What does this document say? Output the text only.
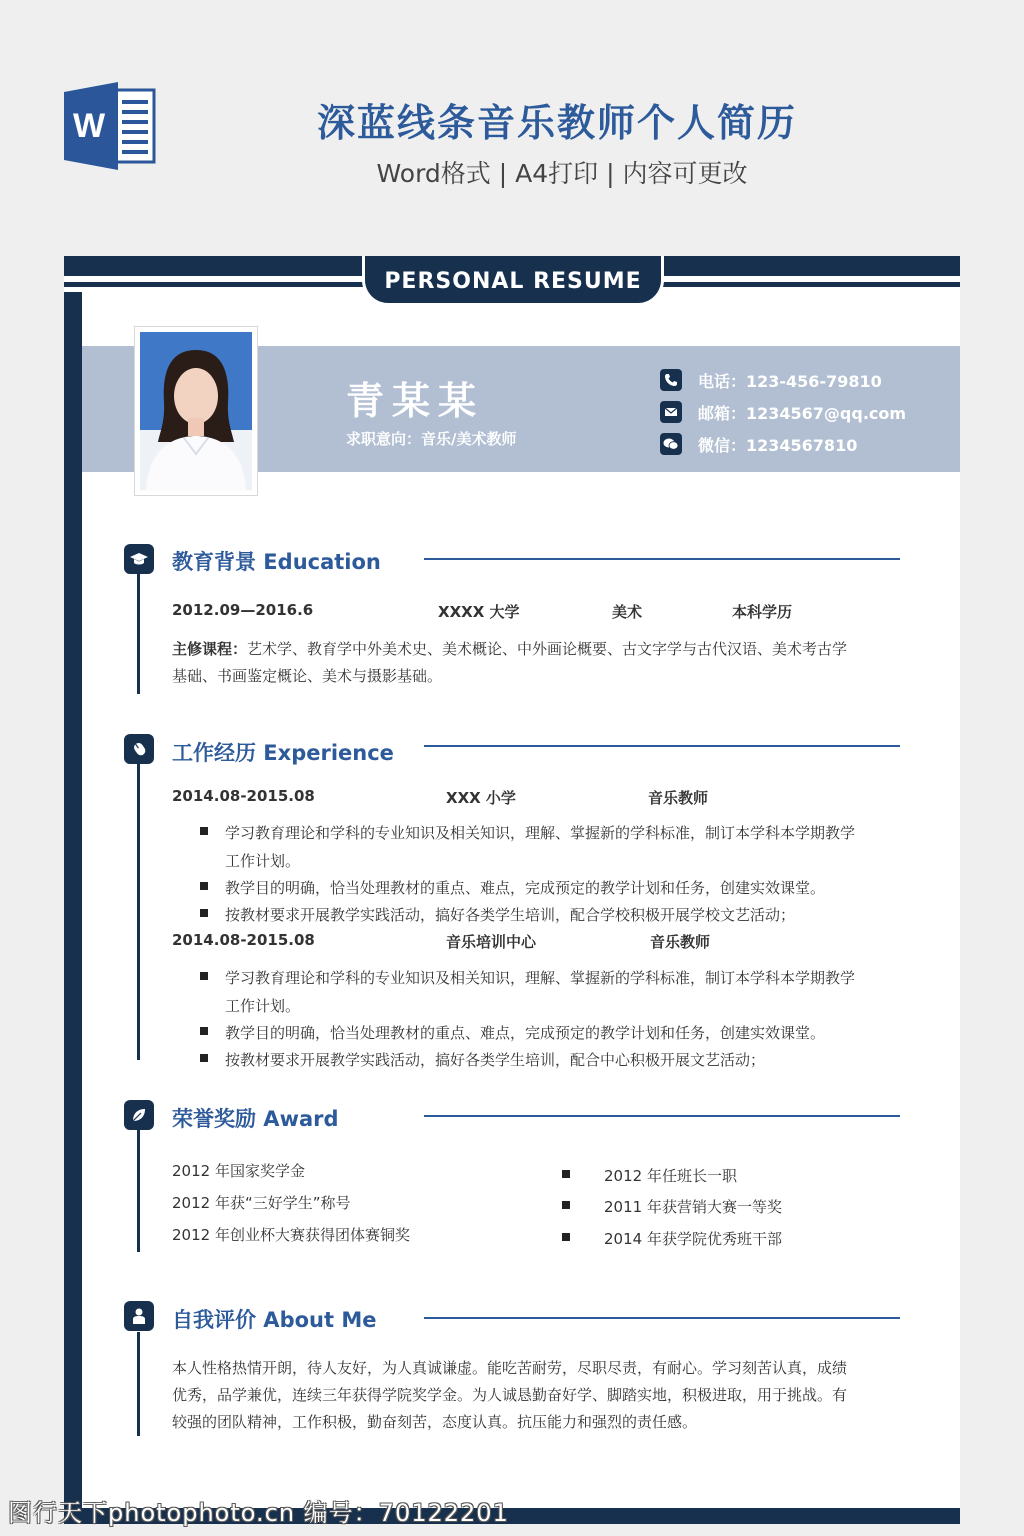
W	深蓝线条音乐教师个人简历
Word格式 | A4打印 | 内容可更改
PERSONAL RESUME
青某某
求职意向：音乐/美术教师
电话：123-456-79810
邮箱：1234567@qq.com
微信：1234567810
教育背景 Education
2012.09—2016.6	XXXX 大学	美术	本科学历
主修课程：艺术学、教育学中外美术史、美术概论、中外画论概要、古文字学与古代汉语、美术考古学
基础、书画鉴定概论、美术与摄影基础。
工作经历 Experience
2014.08-2015.08	XXX 小学	音乐教师
学习教育理论和学科的专业知识及相关知识，理解、掌握新的学科标准，制订本学科本学期教学
工作计划。
教学目的明确，恰当处理教材的重点、难点，完成预定的教学计划和任务，创建实效课堂。
按教材要求开展教学实践活动，搞好各类学生培训，配合学校积极开展学校文艺活动；
2014.08-2015.08	音乐培训中心	音乐教师
学习教育理论和学科的专业知识及相关知识，理解、掌握新的学科标准，制订本学科本学期教学
工作计划。
教学目的明确，恰当处理教材的重点、难点，完成预定的教学计划和任务，创建实效课堂。
按教材要求开展教学实践活动，搞好各类学生培训，配合中心积极开展文艺活动；
荣誉奖励 Award
2012 年国家奖学金
2012 年获“三好学生”称号
2012 年创业杯大赛获得团体赛铜奖
2012 年任班长一职
2011 年获营销大赛一等奖
2014 年获学院优秀班干部
自我评价 About Me
本人性格热情开朗，待人友好，为人真诚谦虚。能吃苦耐劳，尽职尽责，有耐心。学习刻苦认真，成绩
优秀，品学兼优，连续三年获得学院奖学金。为人诚恳勤奋好学、脚踏实地，积极进取，用于挑战。有
较强的团队精神，工作积极，勤奋刻苦，态度认真。抗压能力和强烈的责任感。
图行天下photophoto.cn 编号：70122201
